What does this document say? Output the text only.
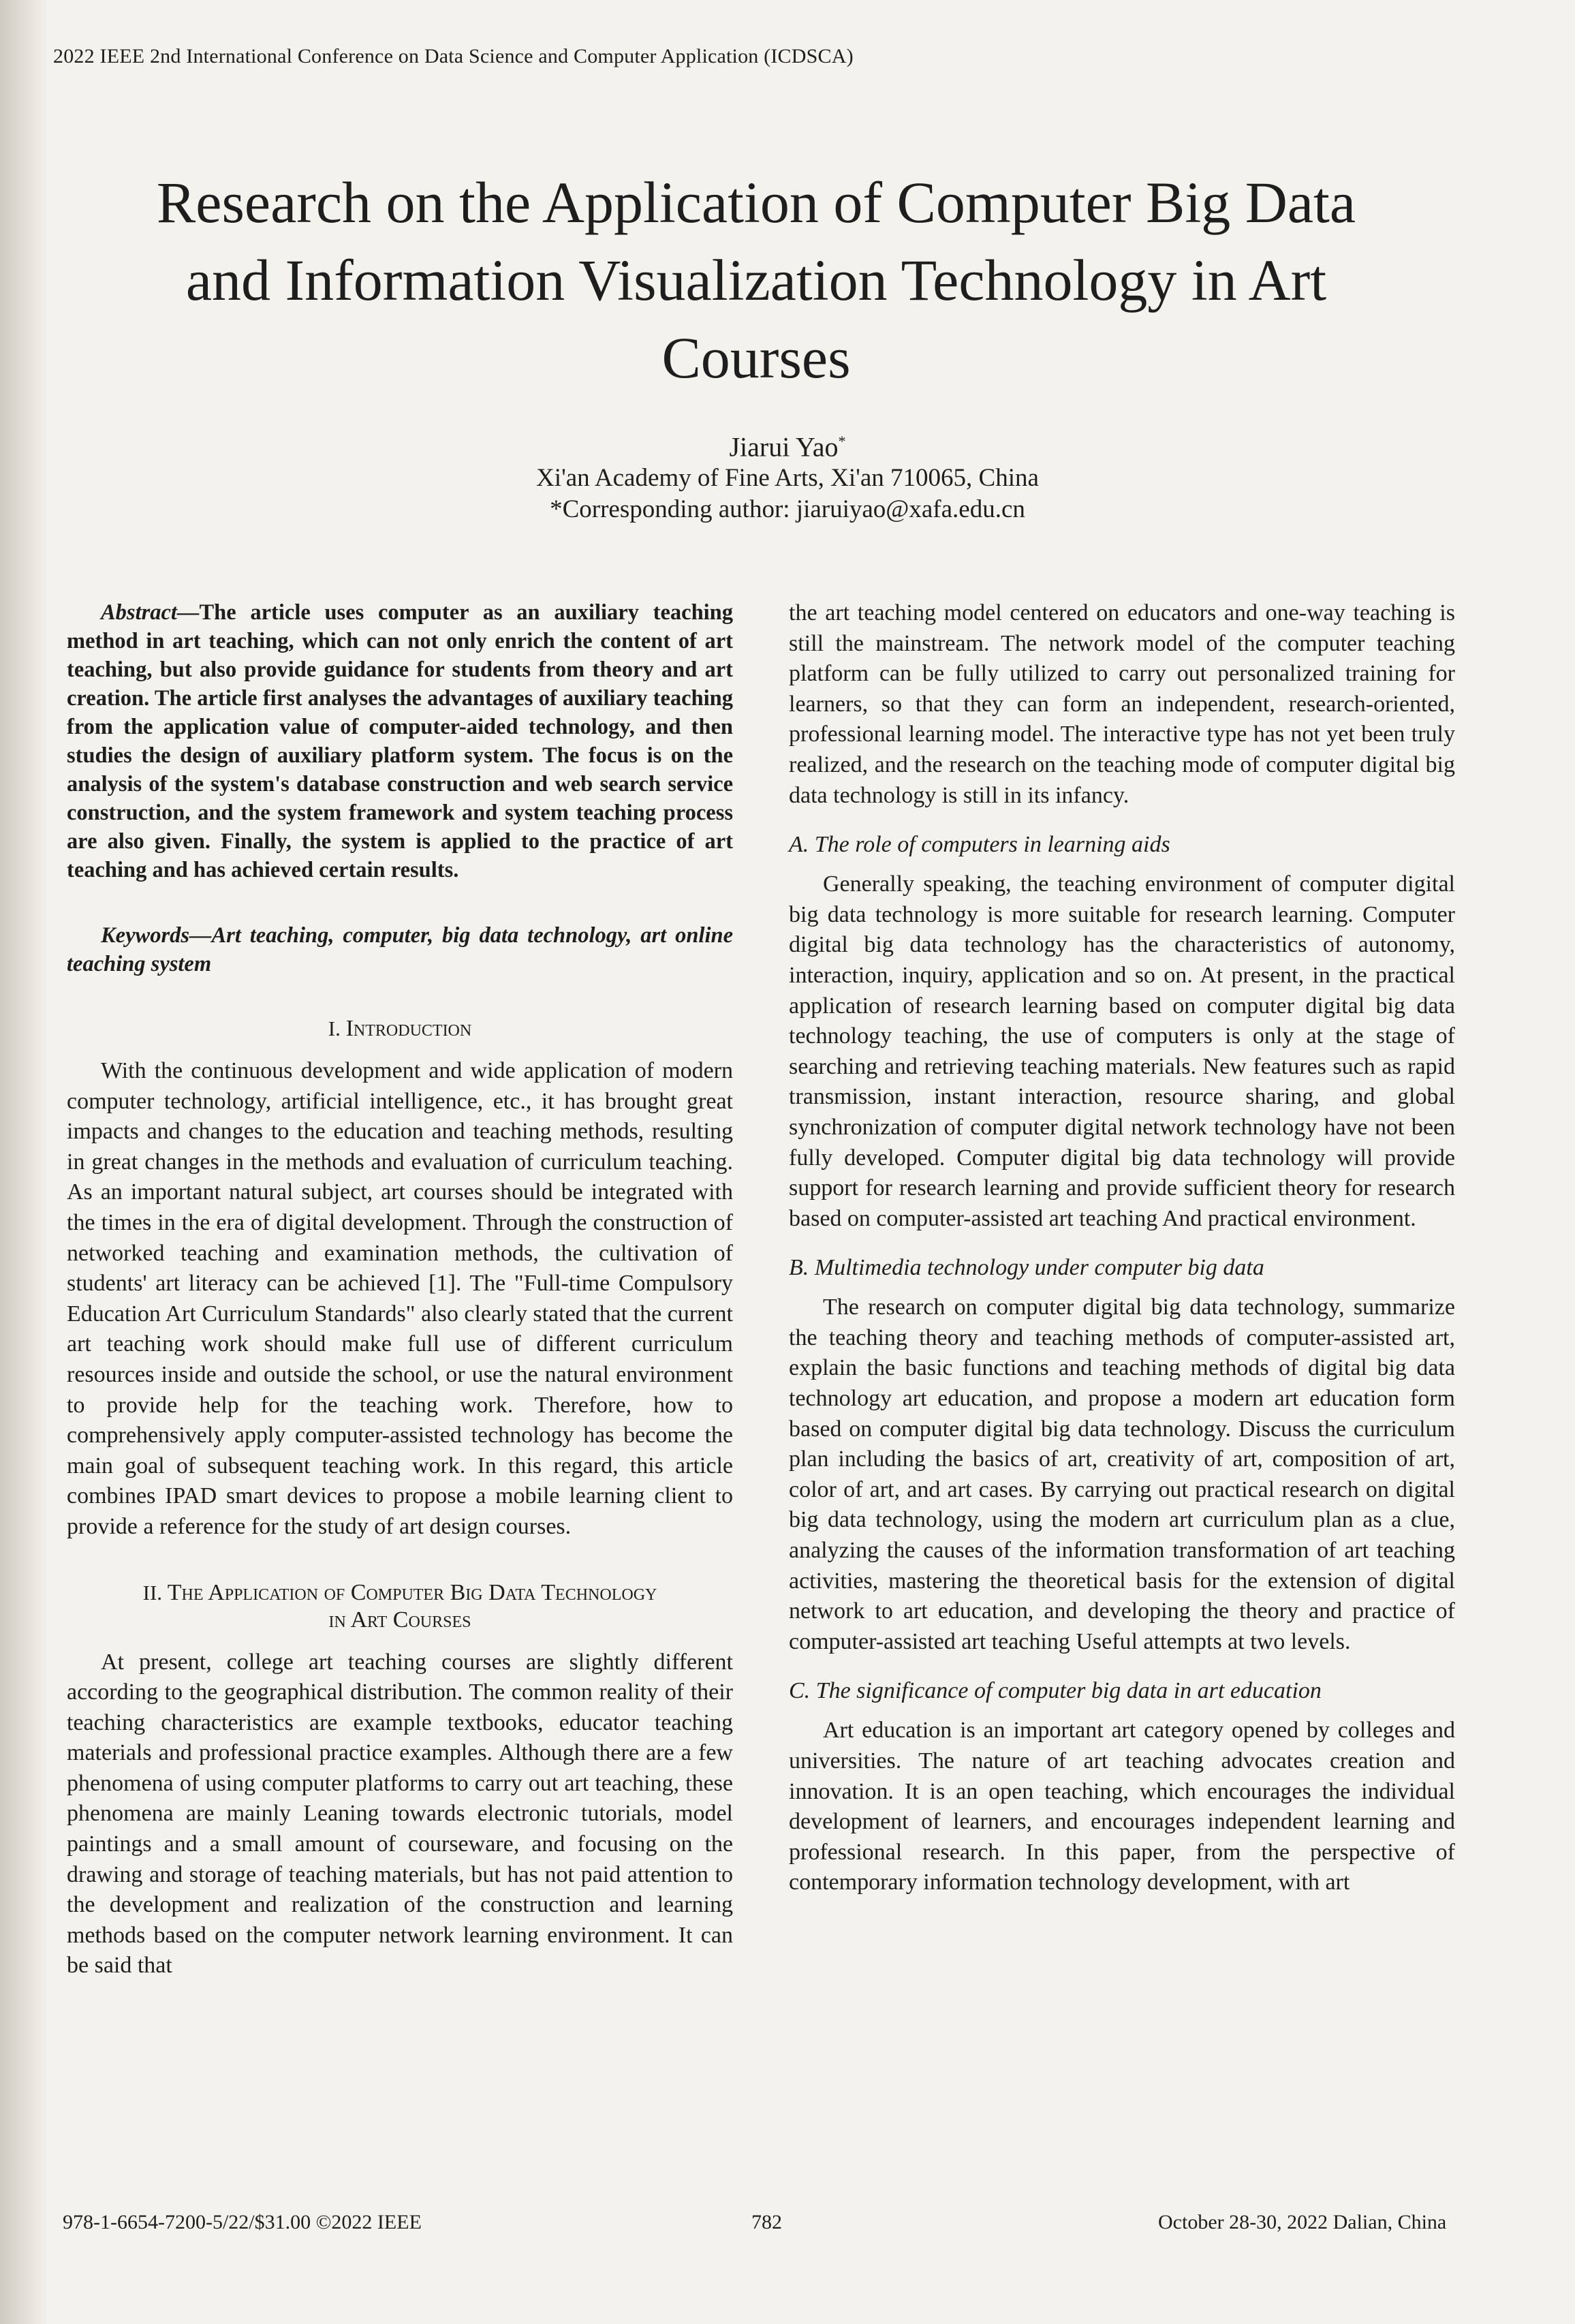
2022 IEEE 2nd International Conference on Data Science and Computer Application (ICDSCA)
Research on the Application of Computer Big Data
and Information Visualization Technology in Art
Courses
Jiarui Yao*
Xi'an Academy of Fine Arts, Xi'an 710065, China
*Corresponding author: jiaruiyao@xafa.edu.cn

Abstract—The article uses computer as an auxiliary teaching method in art teaching, which can not only enrich the content of art teaching, but also provide guidance for students from theory and art creation. The article first analyses the advantages of auxiliary teaching from the application value of computer-aided technology, and then studies the design of auxiliary platform system. The focus is on the analysis of the system's database construction and web search service construction, and the system framework and system teaching process are also given. Finally, the system is applied to the practice of art teaching and has achieved certain results.

Keywords—Art teaching, computer, big data technology, art online teaching system

I. Introduction

With the continuous development and wide application of modern computer technology, artificial intelligence, etc., it has brought great impacts and changes to the education and teaching methods, resulting in great changes in the methods and evaluation of curriculum teaching. As an important natural subject, art courses should be integrated with the times in the era of digital development. Through the construction of networked teaching and examination methods, the cultivation of students' art literacy can be achieved [1]. The "Full-time Compulsory Education Art Curriculum Standards" also clearly stated that the current art teaching work should make full use of different curriculum resources inside and outside the school, or use the natural environment to provide help for the teaching work. Therefore, how to comprehensively apply computer-assisted technology has become the main goal of subsequent teaching work. In this regard, this article combines IPAD smart devices to propose a mobile learning client to provide a reference for the study of art design courses.

II. The Application of Computer Big Data Technology
in Art Courses

At present, college art teaching courses are slightly different according to the geographical distribution. The common reality of their teaching characteristics are example textbooks, educator teaching materials and professional practice examples. Although there are a few phenomena of using computer platforms to carry out art teaching, these phenomena are mainly Leaning towards electronic tutorials, model paintings and a small amount of courseware, and focusing on the drawing and storage of teaching materials, but has not paid attention to the development and realization of the construction and learning methods based on the computer network learning environment. It can be said that

the art teaching model centered on educators and one-way teaching is still the mainstream. The network model of the computer teaching platform can be fully utilized to carry out personalized training for learners, so that they can form an independent, research-oriented, professional learning model. The interactive type has not yet been truly realized, and the research on the teaching mode of computer digital big data technology is still in its infancy.

A. The role of computers in learning aids

Generally speaking, the teaching environment of computer digital big data technology is more suitable for research learning. Computer digital big data technology has the characteristics of autonomy, interaction, inquiry, application and so on. At present, in the practical application of research learning based on computer digital big data technology teaching, the use of computers is only at the stage of searching and retrieving teaching materials. New features such as rapid transmission, instant interaction, resource sharing, and global synchronization of computer digital network technology have not been fully developed. Computer digital big data technology will provide support for research learning and provide sufficient theory for research based on computer-assisted art teaching And practical environment.

B. Multimedia technology under computer big data

The research on computer digital big data technology, summarize the teaching theory and teaching methods of computer-assisted art, explain the basic functions and teaching methods of digital big data technology art education, and propose a modern art education form based on computer digital big data technology. Discuss the curriculum plan including the basics of art, creativity of art, composition of art, color of art, and art cases. By carrying out practical research on digital big data technology, using the modern art curriculum plan as a clue, analyzing the causes of the information transformation of art teaching activities, mastering the theoretical basis for the extension of digital network to art education, and developing the theory and practice of computer-assisted art teaching Useful attempts at two levels.

C. The significance of computer big data in art education

Art education is an important art category opened by colleges and universities. The nature of art teaching advocates creation and innovation. It is an open teaching, which encourages the individual development of learners, and encourages independent learning and professional research. In this paper, from the perspective of contemporary information technology development, with art

978-1-6654-7200-5/22/$31.00 ©2022 IEEE	782	October 28-30, 2022 Dalian, China
